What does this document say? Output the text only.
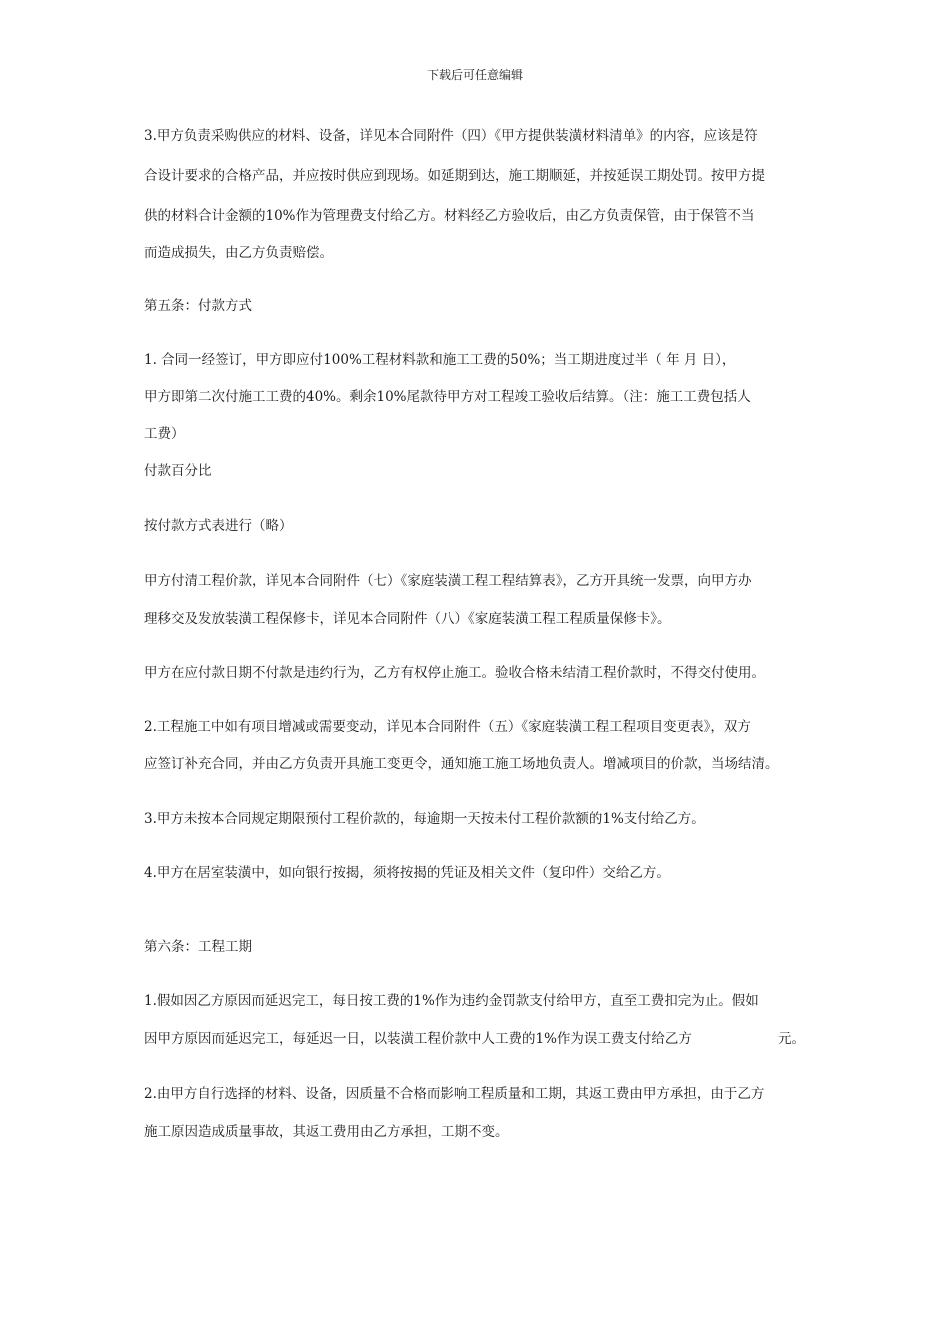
下载后可任意编辑
3.甲方负责采购供应的材料、设备，详见本合同附件（四）《甲方提供装潢材料清单》的内容，应该是符
合设计要求的合格产品，并应按时供应到现场。如延期到达，施工期顺延，并按延误工期处罚。按甲方提
供的材料合计金额的10%作为管理费支付给乙方。材料经乙方验收后，由乙方负责保管，由于保管不当
而造成损失，由乙方负责赔偿。
第五条：付款方式
1. 合同一经签订，甲方即应付100%工程材料款和施工工费的50%；当工期进度过半（ 年 月 日），
甲方即第二次付施工工费的40%。剩余10%尾款待甲方对工程竣工验收后结算。（注：施工工费包括人
工费）
付款百分比
按付款方式表进行（略）
甲方付清工程价款，详见本合同附件（七）《家庭装潢工程工程结算表》，乙方开具统一发票，向甲方办
理移交及发放装潢工程保修卡，详见本合同附件（八）《家庭装潢工程工程质量保修卡》。
甲方在应付款日期不付款是违约行为，乙方有权停止施工。验收合格未结清工程价款时，不得交付使用。
2.工程施工中如有项目增减或需要变动，详见本合同附件（五）《家庭装潢工程工程项目变更表》，双方
应签订补充合同，并由乙方负责开具施工变更令，通知施工施工场地负责人。增减项目的价款，当场结清。
3.甲方未按本合同规定期限预付工程价款的，每逾期一天按未付工程价款额的1%支付给乙方。
4.甲方在居室装潢中，如向银行按揭，须将按揭的凭证及相关文件（复印件）交给乙方。
第六条：工程工期
1.假如因乙方原因而延迟完工，每日按工费的1%作为违约金罚款支付给甲方，直至工费扣完为止。假如
因甲方原因而延迟完工，每延迟一日，以装潢工程价款中人工费的1%作为误工费支付给乙方	元。
2.由甲方自行选择的材料、设备，因质量不合格而影响工程质量和工期，其返工费由甲方承担，由于乙方
施工原因造成质量事故，其返工费用由乙方承担，工期不变。
